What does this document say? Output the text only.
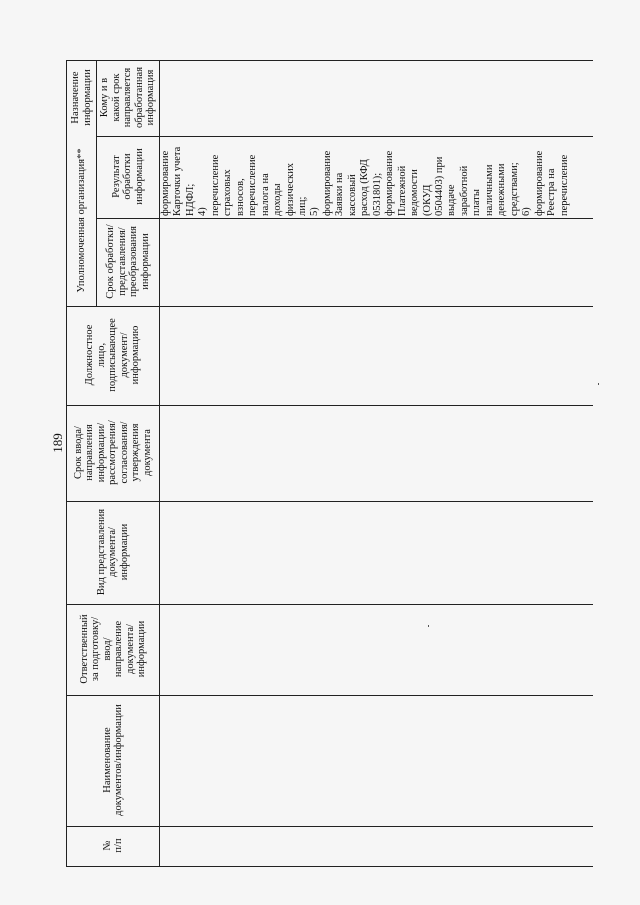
189
Назначение
информации Кому и в
какой срок
направляется
обработанная
информация
Уполномоченная организация**	Результат
обработки
информации
Срок обработки/
представления/
преобразования
информации
Должностное
лицо,
подписывающее
документ/
информацию
Срок ввода/
направления
информации/
рассмотрения/
согласования/
утверждения
документа
Вид представления
документа/
информации
Ответственный
за подготовку/
ввод/
направление
документа/
информации
Наименование
документов/информации
№
п/п
формирование
Карточки учета
НДФЛ;
4)
перечисление
страховых
взносов,
перечисление
налога на
доходы
физических
лиц;
5)
формирование
Заявки на
кассовый
расход (КФД
0531801);
формирование
Платежной
ведомости
(ОКУД
0504403) при
выдаче
заработной
платы
наличными
денежными
средствами;
6)
формирование
Реестра на
перечисление
